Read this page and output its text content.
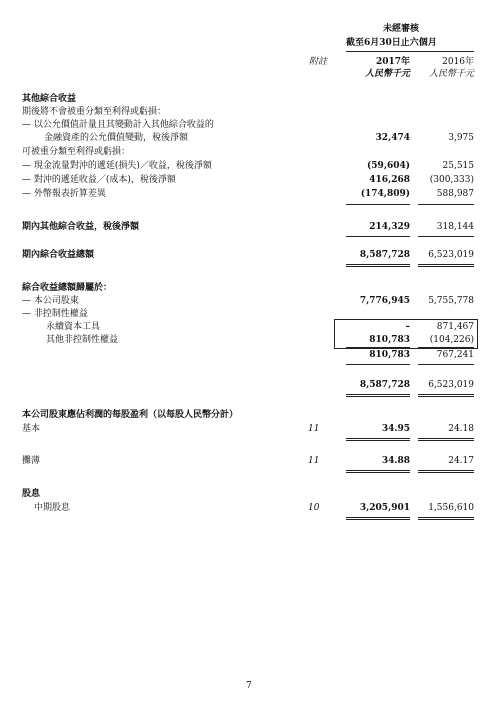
未經審核
截至6月30日止六個月
附註	2017年	2016年
人民幣千元 人民幣千元
其他綜合收益
期後將不會被重分類至利得或虧損：
— 以公允價值計量且其變動計入其他綜合收益的
金融資產的公允價值變動，稅後淨額	32,474	3,975
可被重分類至利得或虧損：
— 現金流量對沖的遞延(損失)／收益，稅後淨額	(59,604)	25,515
— 對沖的遞延收益／(成本)，稅後淨額	416,268 (300,333)
— 外幣報表折算差異	(174,809)	588,987
期內其他綜合收益，稅後淨額	214,329	318,144
期內綜合收益總額	8,587,728 6,523,019
綜合收益總額歸屬於：
— 本公司股東	7,776,945 5,755,778
— 非控制性權益
永續資本工具	–	871,467
其他非控制性權益	810,783 (104,226)
810,783	767,241
8,587,728 6,523,019
本公司股東應佔利潤的每股盈利（以每股人民幣分計）
基本	11	34.95	24.18
攤薄	11	34.88	24.17
股息
中期股息	10	3,205,901 1,556,610
7
